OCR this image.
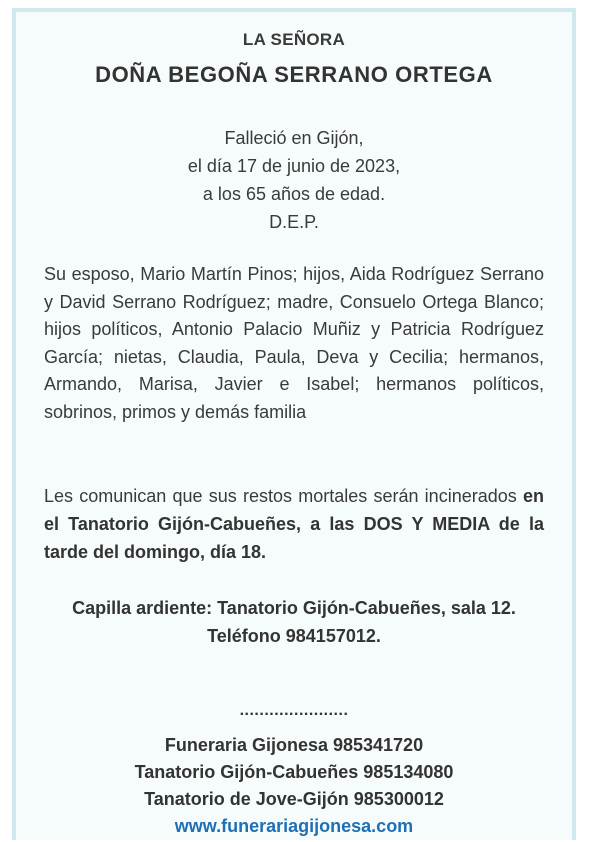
LA SEÑORA
DOÑA BEGOÑA SERRANO ORTEGA
Falleció en Gijón,
el día 17 de junio de 2023,
a los 65 años de edad.
D.E.P.
Su esposo, Mario Martín Pinos; hijos, Aida Rodríguez Serrano y David Serrano Rodríguez; madre, Consuelo Ortega Blanco; hijos políticos, Antonio Palacio Muñiz y Patricia Rodríguez García; nietas, Claudia, Paula, Deva y Cecilia; hermanos, Armando, Marisa, Javier e Isabel; hermanos políticos, sobrinos, primos y demás familia
Les comunican que sus restos mortales serán incinerados en el Tanatorio Gijón-Cabueñes, a las DOS Y MEDIA de la tarde del domingo, día 18.
Capilla ardiente: Tanatorio Gijón-Cabueñes, sala 12.
Teléfono 984157012.
......................
Funeraria Gijonesa 985341720
Tanatorio Gijón-Cabueñes 985134080
Tanatorio de Jove-Gijón 985300012
www.funerariagijonesa.com
